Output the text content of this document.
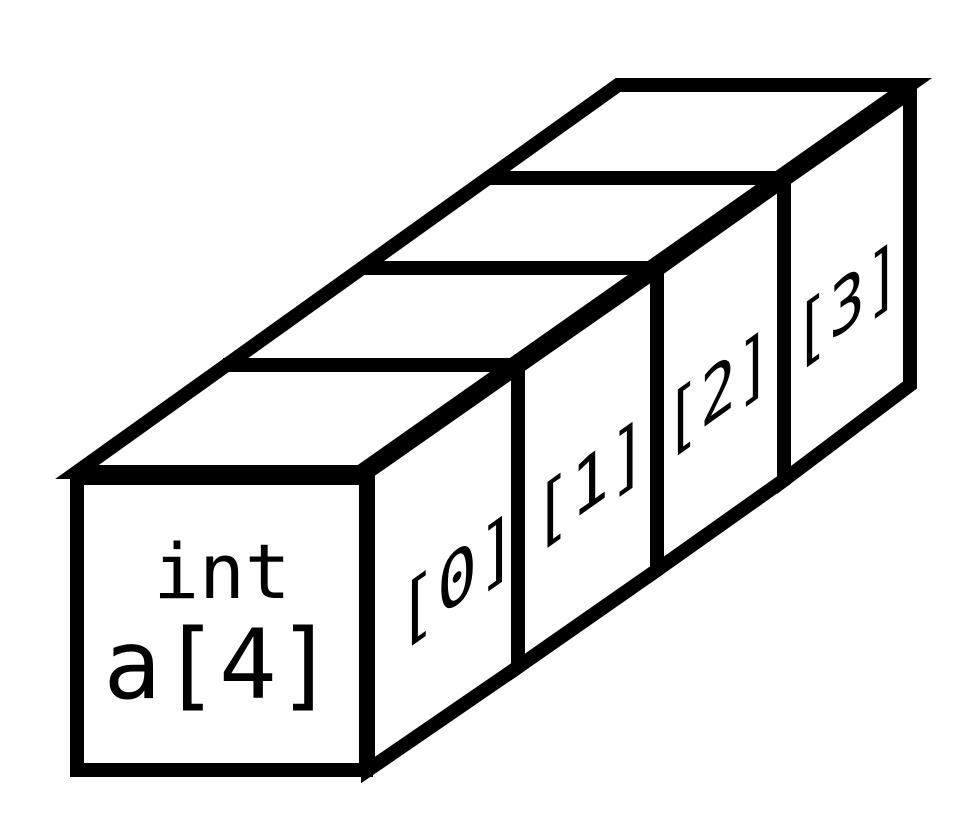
int
a[4]
[0]
[1]
[2]
[3]
